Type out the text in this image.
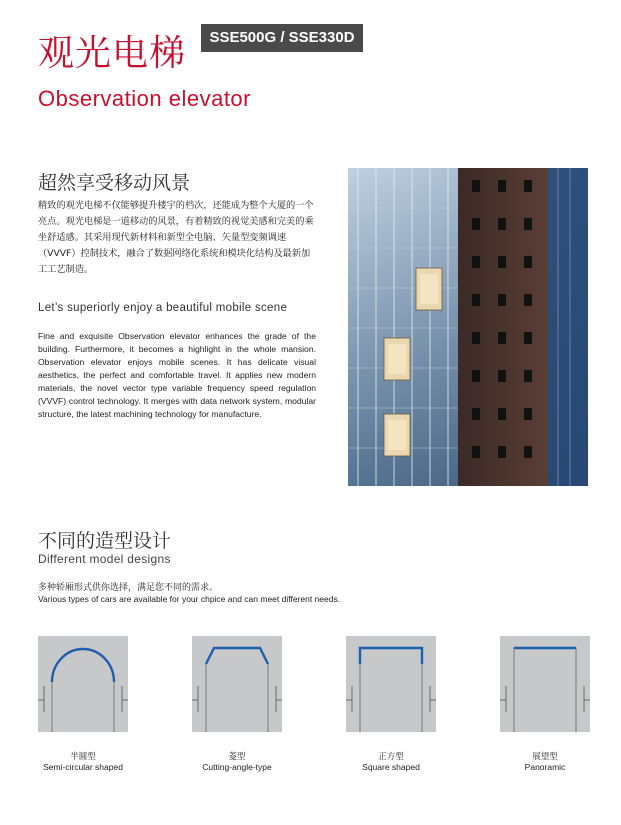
观光电梯	SSE500G / SSE330D
Observation elevator
超然享受移动风景
精致的观光电梯不仅能够提升楼宇的档次，还能成为整个大厦的一个亮点。观光电梯是一道移动的风景，有着精致的视觉美感和完美的乘坐舒适感。其采用现代新材料和新型全电脑、矢量型变频调速（VVVF）控制技术，融合了数据网络化系统和模块化结构及最新加工工艺制造。
Let’s superiorly enjoy a beautiful mobile scene
Fine and exquisite Observation elevator enhances the grade of the building. Furthermore, it becomes a highlight in the whole mansion. Observation elevator enjoys mobile scenes. It has delicate visual aesthetics, the perfect and comfortable travel. It applies new modern materials, the novel vector type variable frequency speed regulation (VVVF) control technology. It merges with data network system, modular structure, the latest machining technology for manufacture.
不同的造型设计
Different model designs
多种轿厢形式供你选择，满足您不同的需求。
Various types of cars are available for your chpice and can meet different needs.
半圆型
Semi-circular shaped
菱型
Cutting-angle-type
正方型
Square shaped
展望型
Panoramic
